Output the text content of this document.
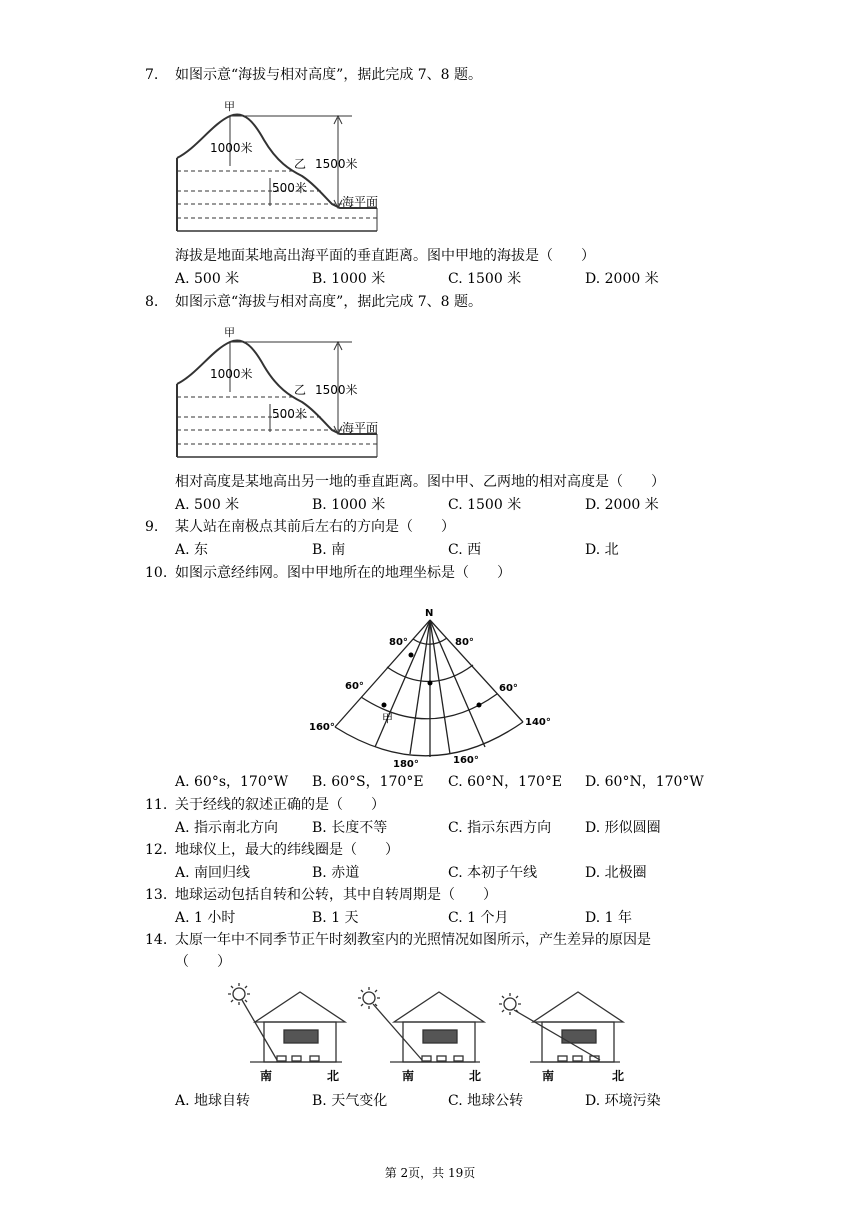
7.	如图示意“海拔与相对高度”，据此完成 7、8 题。
甲
1000米
乙
500米
1500米
海平面
海拔是地面某地高出海平面的垂直距离。图中甲地的海拔是（　　）
A. 500 米	B. 1000 米	C. 1500 米	D. 2000 米
8.	如图示意“海拔与相对高度”，据此完成 7、8 题。
甲
1000米
乙
500米
1500米
海平面
相对高度是某地高出另一地的垂直距离。图中甲、乙两地的相对高度是（　　）
A. 500 米	B. 1000 米	C. 1500 米	D. 2000 米
9.	某人站在南极点其前后左右的方向是（　　）
A. 东	B. 南	C. 西	D. 北
10. 如图示意经纬网。图中甲地所在的地理坐标是（　　）
N
80°	80°
60°	60°
160°	140°
180°	160°
甲
A. 60°s，170°W B. 60°S，170°E C. 60°N，170°E D. 60°N，170°W
11. 关于经线的叙述正确的是（　　）
A. 指示南北方向 B. 长度不等	C. 指示东西方向 D. 形似圆圈
12. 地球仪上，最大的纬线圈是（　　）
A. 南回归线	B. 赤道	C. 本初子午线	D. 北极圈
13. 地球运动包括自转和公转，其中自转周期是（　　）
A. 1 小时	B. 1 天	C. 1 个月	D. 1 年
14. 太原一年中不同季节正午时刻教室内的光照情况如图所示，产生差异的原因是
（　　）
南	北	南	北	南	北
A. 地球自转	B. 天气变化	C. 地球公转	D. 环境污染
第 2页，共 19页
